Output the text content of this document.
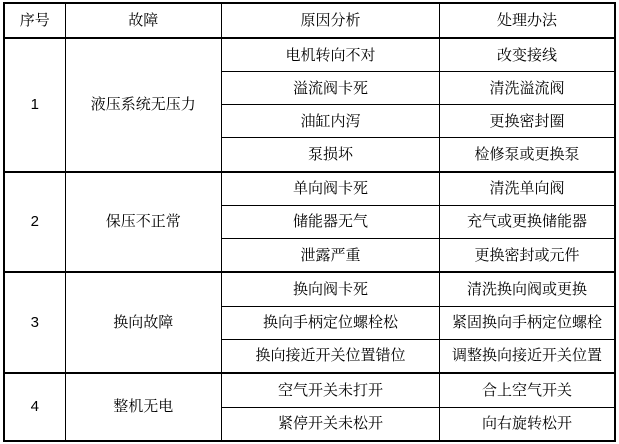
序号	故障	原因分析	处理办法
1	液压系统无压力	电机转向不对	改变接线
		溢流阀卡死	清洗溢流阀
		油缸内泻	更换密封圈
		泵损坏	检修泵或更换泵
2	保压不正常	单向阀卡死	清洗单向阀
		储能器无气	充气或更换储能器
		泄露严重	更换密封或元件
3	换向故障	换向阀卡死	清洗换向阀或更换
		换向手柄定位螺栓松	紧固换向手柄定位螺栓
		换向接近开关位置错位	调整换向接近开关位置
4	整机无电	空气开关未打开	合上空气开关
		紧停开关未松开	向右旋转松开
